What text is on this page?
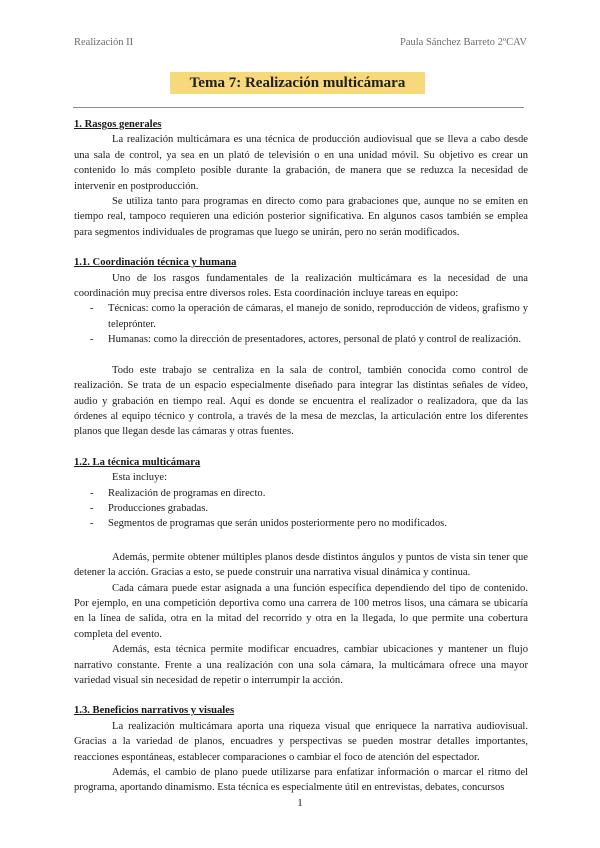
Realización II	Paula Sánchez Barreto 2ºCAV
Tema 7: Realización multicámara

1. Rasgos generales

La realización multicámara es una técnica de producción audiovisual que se lleva a cabo desde una sala de control, ya sea en un plató de televisión o en una unidad móvil. Su objetivo es crear un contenido lo más completo posible durante la grabación, de manera que se reduzca la necesidad de intervenir en postproducción.

Se utiliza tanto para programas en directo como para grabaciones que, aunque no se emiten en tiempo real, tampoco requieren una edición posterior significativa. En algunos casos también se emplea para segmentos individuales de programas que luego se unirán, pero no serán modificados.

1.1. Coordinación técnica y humana

Uno de los rasgos fundamentales de la realización multicámara es la necesidad de una coordinación muy precisa entre diversos roles. Esta coordinación incluye tareas en equipo:

- Técnicas: como la operación de cámaras, el manejo de sonido, reproducción de videos, grafismo y teleprónter.
- Humanas: como la dirección de presentadores, actores, personal de plató y control de realización.

Todo este trabajo se centraliza en la sala de control, también conocida como control de realización. Se trata de un espacio especialmente diseñado para integrar las distintas señales de vídeo, audio y grabación en tiempo real. Aquí es donde se encuentra el realizador o realizadora, que da las órdenes al equipo técnico y controla, a través de la mesa de mezclas, la articulación entre los diferentes planos que llegan desde las cámaras y otras fuentes.

1.2. La técnica multicámara

Esta incluye:

- Realización de programas en directo.
- Producciones grabadas.
- Segmentos de programas que serán unidos posteriormente pero no modificados.

Además, permite obtener múltiples planos desde distintos ángulos y puntos de vista sin tener que detener la acción. Gracias a esto, se puede construir una narrativa visual dinámica y continua.

Cada cámara puede estar asignada a una función específica dependiendo del tipo de contenido. Por ejemplo, en una competición deportiva como una carrera de 100 metros lisos, una cámara se ubicaría en la línea de salida, otra en la mitad del recorrido y otra en la llegada, lo que permite una cobertura completa del evento.

Además, esta técnica permite modificar encuadres, cambiar ubicaciones y mantener un flujo narrativo constante. Frente a una realización con una sola cámara, la multicámara ofrece una mayor variedad visual sin necesidad de repetir o interrumpir la acción.

1.3. Beneficios narrativos y visuales

La realización multicámara aporta una riqueza visual que enriquece la narrativa audiovisual. Gracias a la variedad de planos, encuadres y perspectivas se pueden mostrar detalles importantes, reacciones espontáneas, establecer comparaciones o cambiar el foco de atención del espectador.

Además, el cambio de plano puede utilizarse para enfatizar información o marcar el ritmo del programa, aportando dinamismo. Esta técnica es especialmente útil en entrevistas, debates, concursos

1
